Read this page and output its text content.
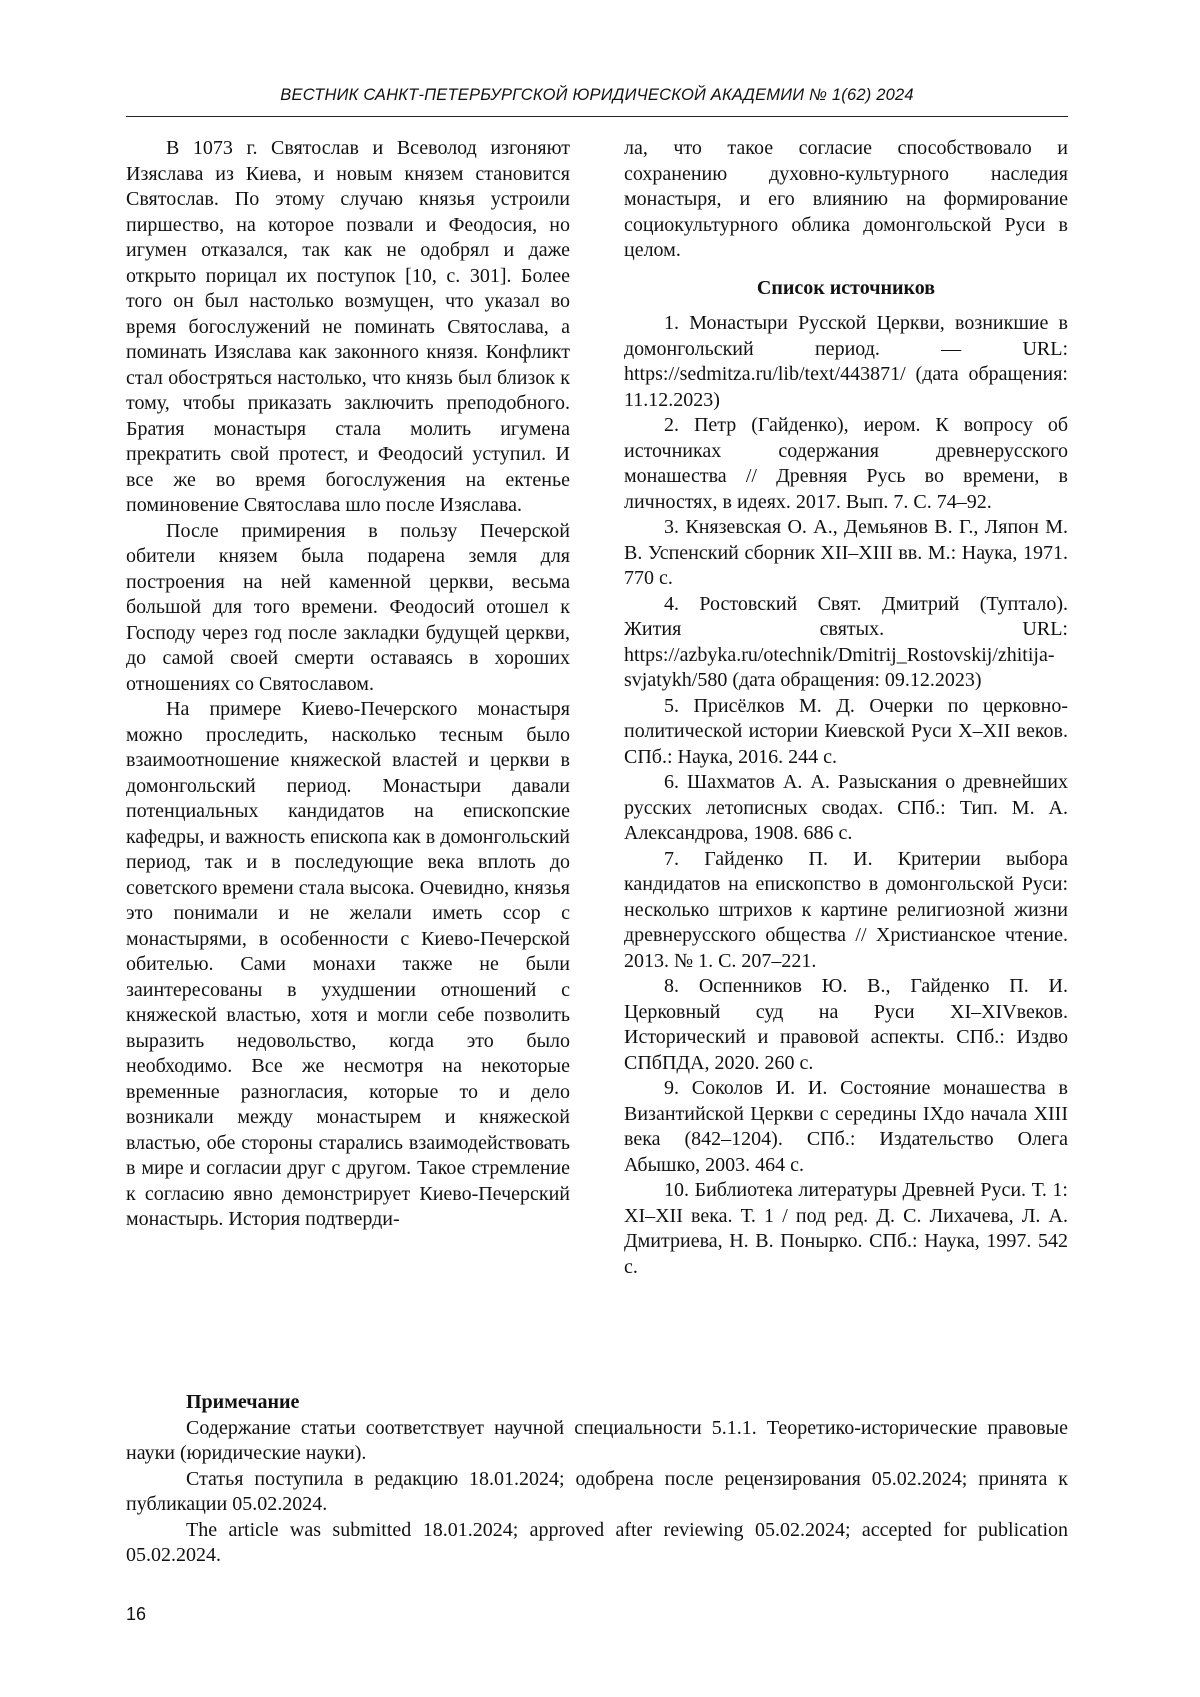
ВЕСТНИК САНКТ-ПЕТЕРБУРГСКОЙ ЮРИДИЧЕСКОЙ АКАДЕМИИ № 1(62) 2024

В 1073 г. Святослав и Всеволод изгоняют Изяслава из Киева, и новым князем становится Святослав. По этому случаю князья устроили пиршество, на которое позвали и Феодосия, но игумен отказался, так как не одобрял и даже открыто порицал их поступок [10, с. 301]. Более того он был настолько возмущен, что указал во время богослужений не поминать Святослава, а поминать Изяслава как законного князя. Конфликт стал обостряться настолько, что князь был близок к тому, чтобы приказать заключить преподобного. Братия монастыря стала молить игумена прекратить свой протест, и Феодосий уступил. И все же во время богослужения на ектенье поминовение Святослава шло после Изяслава.

После примирения в пользу Печерской обители князем была подарена земля для построения на ней каменной церкви, весьма большой для того времени. Феодосий отошел к Господу через год после закладки будущей церкви, до самой своей смерти оставаясь в хороших отношениях со Святославом.

На примере Киево-Печерского монастыря можно проследить, насколько тесным было взаимоотношение княжеской властей и церкви в домонгольский период. Монастыри давали потенциальных кандидатов на епископские кафедры, и важность епископа как в домонгольский период, так и в последующие века вплоть до советского времени стала высока. Очевидно, князья это понимали и не желали иметь ссор с монастырями, в особенности с Киево-Печерской обителью. Сами монахи также не были заинтересованы в ухудшении отношений с княжеской властью, хотя и могли себе позволить выразить недовольство, когда это было необходимо. Все же несмотря на некоторые временные разногласия, которые то и дело возникали между монастырем и княжеской властью, обе стороны старались взаимодействовать в мире и согласии друг с другом. Такое стремление к согласию явно демонстрирует Киево-Печерский монастырь. История подтверди-

ла, что такое согласие способствовало и сохранению духовно-культурного наследия монастыря, и его влиянию на формирование социокультурного облика домонгольской Руси в целом.

Список источников

1. Монастыри Русской Церкви, возникшие в домонгольский период. — URL: https://sedmitza.ru/lib/text/443871/ (дата обращения: 11.12.2023)

2. Петр (Гайденко), иером. К вопросу об источниках содержания древнерусского монашества // Древняя Русь во времени, в личностях, в идеях. 2017. Вып. 7. С. 74–92.

3. Князевская О. А., Демьянов В. Г., Ляпон М. В. Успенский сборник XII–XIII вв. М.: Наука, 1971. 770 с.

4. Ростовский Свят. Дмитрий (Туптало). Жития святых. URL: https://azbyka.ru/otechnik/Dmitrij_Rostovskij/zhitija-svjatykh/580 (дата обращения: 09.12.2023)

5. Присёлков М. Д. Очерки по церковно-политической истории Киевской Руси X–XII веков. СПб.: Наука, 2016. 244 с.

6. Шахматов А. А. Разыскания о древнейших русских летописных сводах. СПб.: Тип. М. А. Александрова, 1908. 686 с.

7. Гайденко П. И. Критерии выбора кандидатов на епископство в домонгольской Руси: несколько штрихов к картине религиозной жизни древнерусского общества // Христианское чтение. 2013. № 1. С. 207–221.

8. Оспенников Ю. В., Гайденко П. И. Церковный суд на Руси XI–XIVвеков. Исторический и правовой аспекты. СПб.: Издво СПбПДА, 2020. 260 с.

9. Соколов И. И. Состояние монашества в Византийской Церкви с середины IXдо начала XIII века (842–1204). СПб.: Издательство Олега Абышко, 2003. 464 с.

10. Библиотека литературы Древней Руси. Т. 1: XI–XII века. Т. 1 / под ред. Д. С. Лихачева, Л. А. Дмитриева, Н. В. Понырко. СПб.: Наука, 1997. 542 с.

Примечание

Содержание статьи соответствует научной специальности 5.1.1. Теоретико-исторические правовые науки (юридические науки).

Статья поступила в редакцию 18.01.2024; одобрена после рецензирования 05.02.2024; принята к публикации 05.02.2024.

The article was submitted 18.01.2024; approved after reviewing 05.02.2024; accepted for publication 05.02.2024.

16
